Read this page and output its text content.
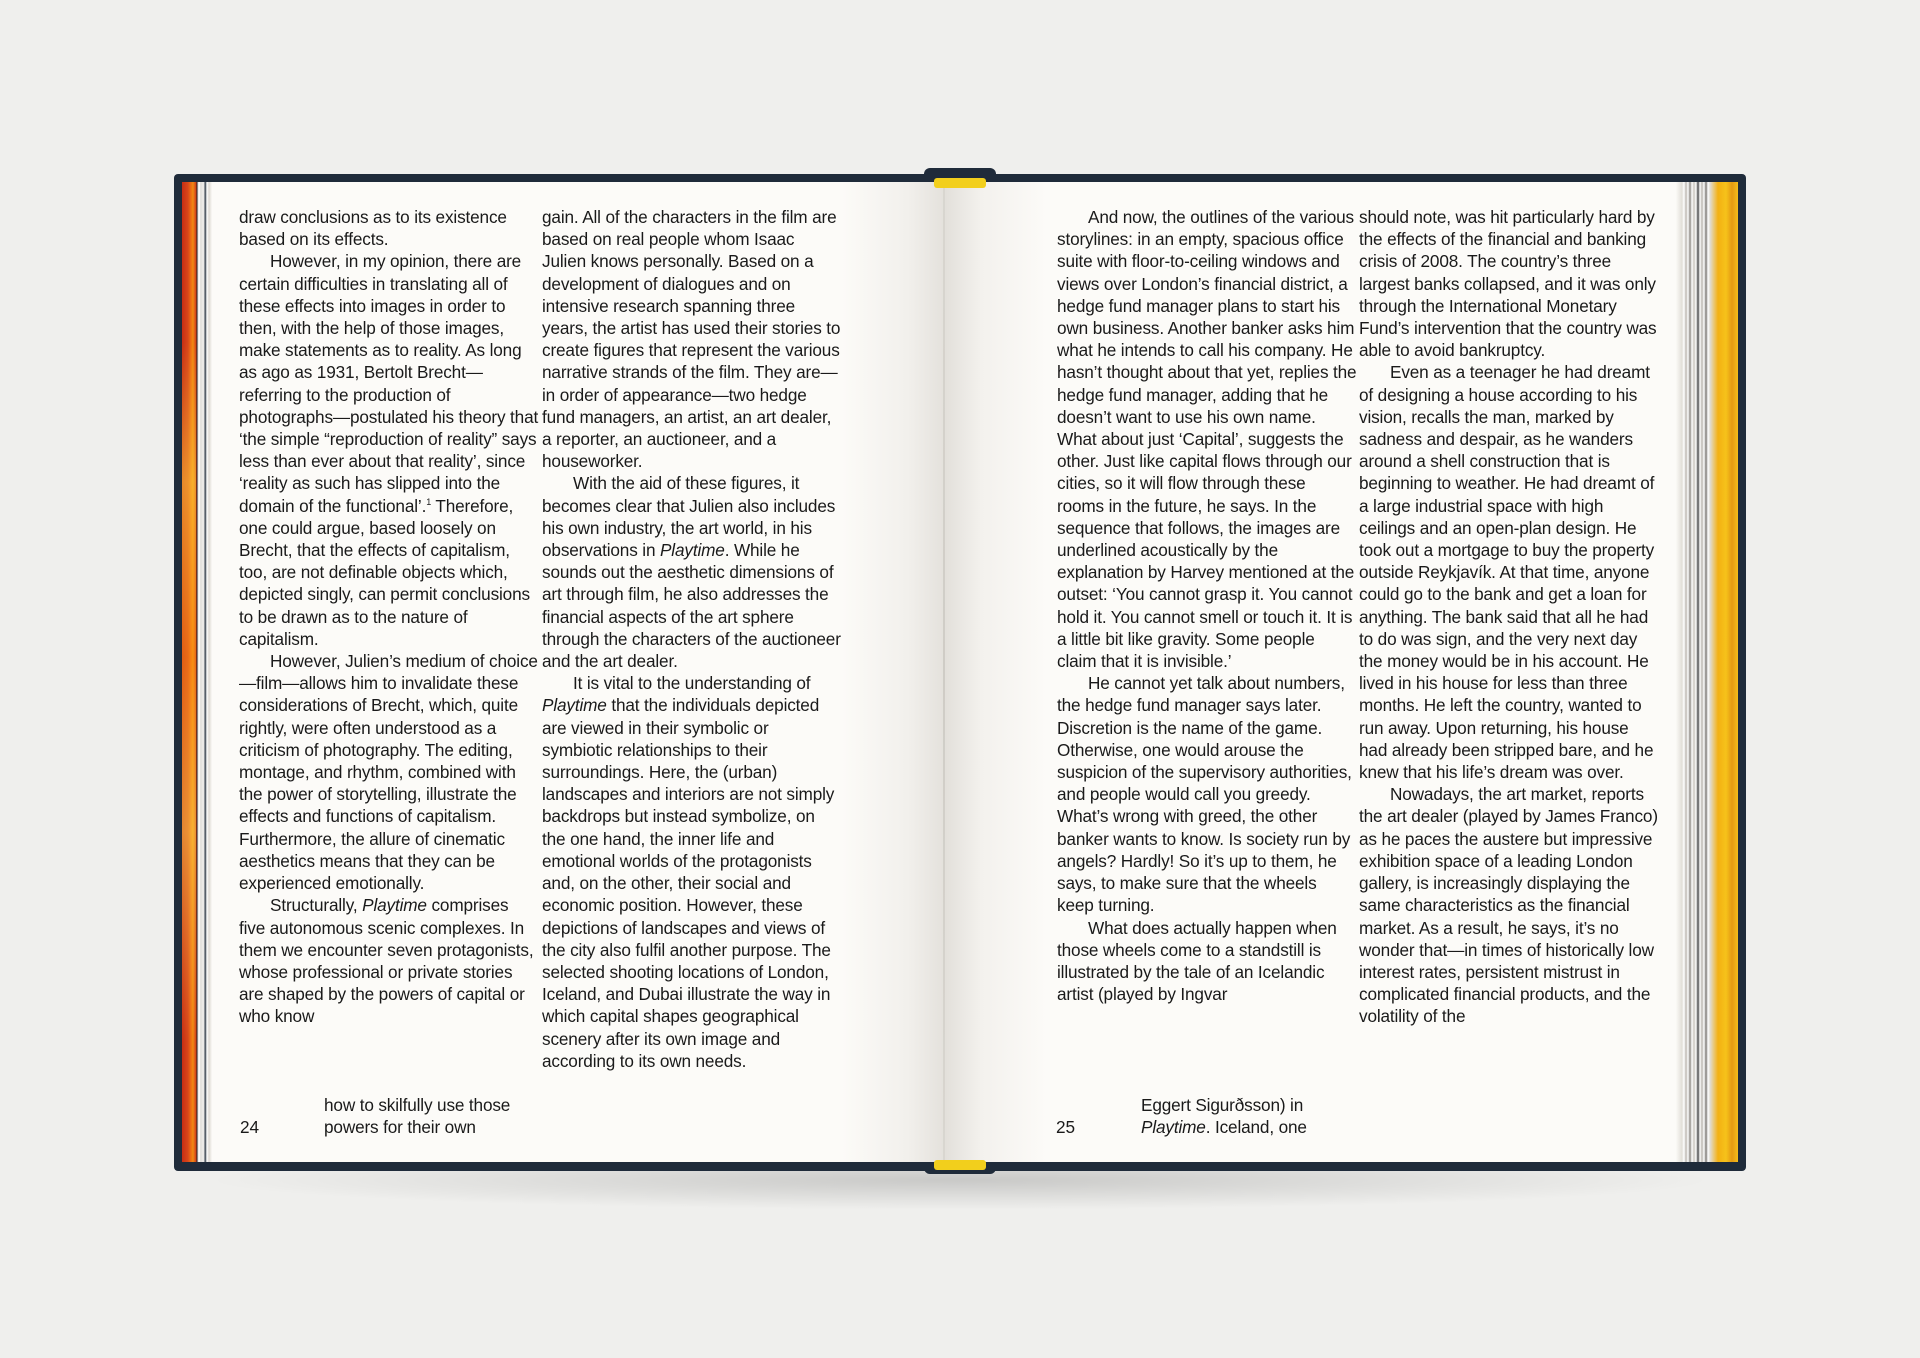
draw conclusions as to its existence based on its effects.

However, in my opinion, there are certain difficulties in translating all of these effects into images in order to then, with the help of those images, make statements as to reality. As long as ago as 1931, Bertolt Brecht—referring to the production of photographs—postulated his theory that ‘the simple “reproduction of reality” says less than ever about that reality’, since ‘reality as such has slipped into the domain of the functional’.$^1$ Therefore, one could argue, based loosely on Brecht, that the effects of capitalism, too, are not definable objects which, depicted singly, can permit conclusions to be drawn as to the nature of capitalism.

However, Julien’s medium of choice—film—allows him to invalidate these considerations of Brecht, which, quite rightly, were often understood as a criticism of photography. The editing, montage, and rhythm, combined with the power of storytelling, illustrate the effects and functions of capitalism. Furthermore, the allure of cinematic aesthetics means that they can be experienced emotionally.

Structurally, Playtime comprises five autonomous scenic complexes. In them we encounter seven protagonists, whose professional or private stories are shaped by the powers of capital or who know

how to skilfully use those
powers for their own
24

gain. All of the characters in the film are based on real people whom Isaac Julien knows personally. Based on a development of dialogues and on intensive research spanning three years, the artist has used their stories to create figures that represent the various narrative strands of the film. They are—in order of appearance—two hedge fund managers, an artist, an art dealer, a reporter, an auctioneer, and a houseworker.

With the aid of these figures, it becomes clear that Julien also includes his own industry, the art world, in his observations in Playtime. While he sounds out the aesthetic dimensions of art through film, he also addresses the financial aspects of the art sphere through the characters of the auctioneer and the art dealer.

It is vital to the understanding of Playtime that the individuals depicted are viewed in their symbolic or symbiotic relationships to their surroundings. Here, the (urban) landscapes and interiors are not simply backdrops but instead symbolize, on the one hand, the inner life and emotional worlds of the protagonists and, on the other, their social and economic position. However, these depictions of landscapes and views of the city also fulfil another purpose. The selected shooting locations of London, Iceland, and Dubai illustrate the way in which capital shapes geographical scenery after its own image and according to its own needs.

And now, the outlines of the various storylines: in an empty, spacious office suite with floor-to-ceiling windows and views over London’s financial district, a hedge fund manager plans to start his own business. Another banker asks him what he intends to call his company. He hasn’t thought about that yet, replies the hedge fund manager, adding that he doesn’t want to use his own name. What about just ‘Capital’, suggests the other. Just like capital flows through our cities, so it will flow through these rooms in the future, he says. In the sequence that follows, the images are underlined acoustically by the explanation by Harvey mentioned at the outset: ‘You cannot grasp it. You cannot hold it. You cannot smell or touch it. It is a little bit like gravity. Some people claim that it is invisible.’

He cannot yet talk about numbers, the hedge fund manager says later. Discretion is the name of the game. Otherwise, one would arouse the suspicion of the supervisory authorities, and people would call you greedy. What’s wrong with greed, the other banker wants to know. Is society run by angels? Hardly! So it’s up to them, he says, to make sure that the wheels keep turning.

What does actually happen when those wheels come to a standstill is illustrated by the tale of an Icelandic artist (played by Ingvar

Eggert Sigurðsson) in
Playtime. Iceland, one
25

should note, was hit particularly hard by the effects of the financial and banking crisis of 2008. The country’s three largest banks collapsed, and it was only through the International Monetary Fund’s intervention that the country was able to avoid bankruptcy.

Even as a teenager he had dreamt of designing a house according to his vision, recalls the man, marked by sadness and despair, as he wanders around a shell construction that is beginning to weather. He had dreamt of a large industrial space with high ceilings and an open-plan design. He took out a mortgage to buy the property outside Reykjavík. At that time, anyone could go to the bank and get a loan for anything. The bank said that all he had to do was sign, and the very next day the money would be in his account. He lived in his house for less than three months. He left the country, wanted to run away. Upon returning, his house had already been stripped bare, and he knew that his life’s dream was over.

Nowadays, the art market, reports the art dealer (played by James Franco) as he paces the austere but impressive exhibition space of a leading London gallery, is increasingly displaying the same characteristics as the financial market. As a result, he says, it’s no wonder that—in times of historically low interest rates, persistent mistrust in complicated financial products, and the volatility of the
